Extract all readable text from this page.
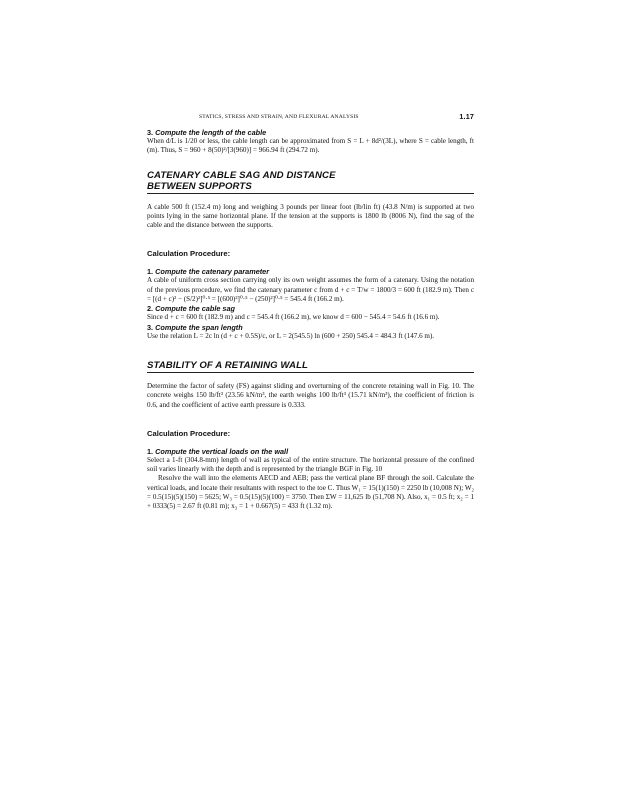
STATICS, STRESS AND STRAIN, AND FLEXURAL ANALYSIS	1.17
3. Compute the length of the cable

When d/L is 1/20 or less, the cable length can be approximated from S = L + 8d²/(3L), where S = cable length, ft (m). Thus, S = 960 + 8(50)²/[3(960)] = 966.94 ft (294.72 m).

CATENARY CABLE SAG AND DISTANCE
BETWEEN SUPPORTS

A cable 500 ft (152.4 m) long and weighing 3 pounds per linear foot (lb/lin ft) (43.8 N/m) is supported at two points lying in the same horizontal plane. If the tension at the supports is 1800 lb (8006 N), find the sag of the cable and the distance between the supports.

Calculation Procedure:
1. Compute the catenary parameter

A cable of uniform cross section carrying only its own weight assumes the form of a catenary. Using the notation of the previous procedure, we find the catenary parameter c from d + c = T/w = 1800/3 = 600 ft (182.9 m). Then c = [(d + c)² − (S/2)²]⁰·⁵ = [(600)²]⁰·⁵ − (250)²]⁰·⁵ = 545.4 ft (166.2 m).

2. Compute the cable sag

Since d + c = 600 ft (182.9 m) and c = 545.4 ft (166.2 m), we know d = 600 − 545.4 = 54.6 ft (16.6 m).

3. Compute the span length

Use the relation L = 2c ln (d + c + 0.5S)/c, or L = 2(545.5) ln (600 + 250) 545.4 = 484.3 ft (147.6 m).

STABILITY OF A RETAINING WALL

Determine the factor of safety (FS) against sliding and overturning of the concrete retaining wall in Fig. 10. The concrete weighs 150 lb/ft³ (23.56 kN/m³, the earth weighs 100 lb/ft³ (15.71 kN/m³), the coefficient of friction is 0.6, and the coefficient of active earth pressure is 0.333.

Calculation Procedure:
1. Compute the vertical loads on the wall

Select a 1-ft (304.8-mm) length of wall as typical of the entire structure. The horizontal pressure of the confined soil varies linearly with the depth and is represented by the triangle BGF in Fig. 10

Resolve the wall into the elements AECD and AEB; pass the vertical plane BF through the soil. Calculate the vertical loads, and locate their resultants with respect to the toe C. Thus W₁ = 15(1)(150) = 2250 lb (10,008 N); W₂ = 0.5(15)(5)(150) = 5625; W₃ = 0.5(15)(5)(100) = 3750. Then ΣW = 11,625 lb (51,708 N). Also, x₁ = 0.5 ft; x₂ = 1 + 0333(5) = 2.67 ft (0.81 m); x₃ = 1 + 0.667(5) = 433 ft (1.32 m).
